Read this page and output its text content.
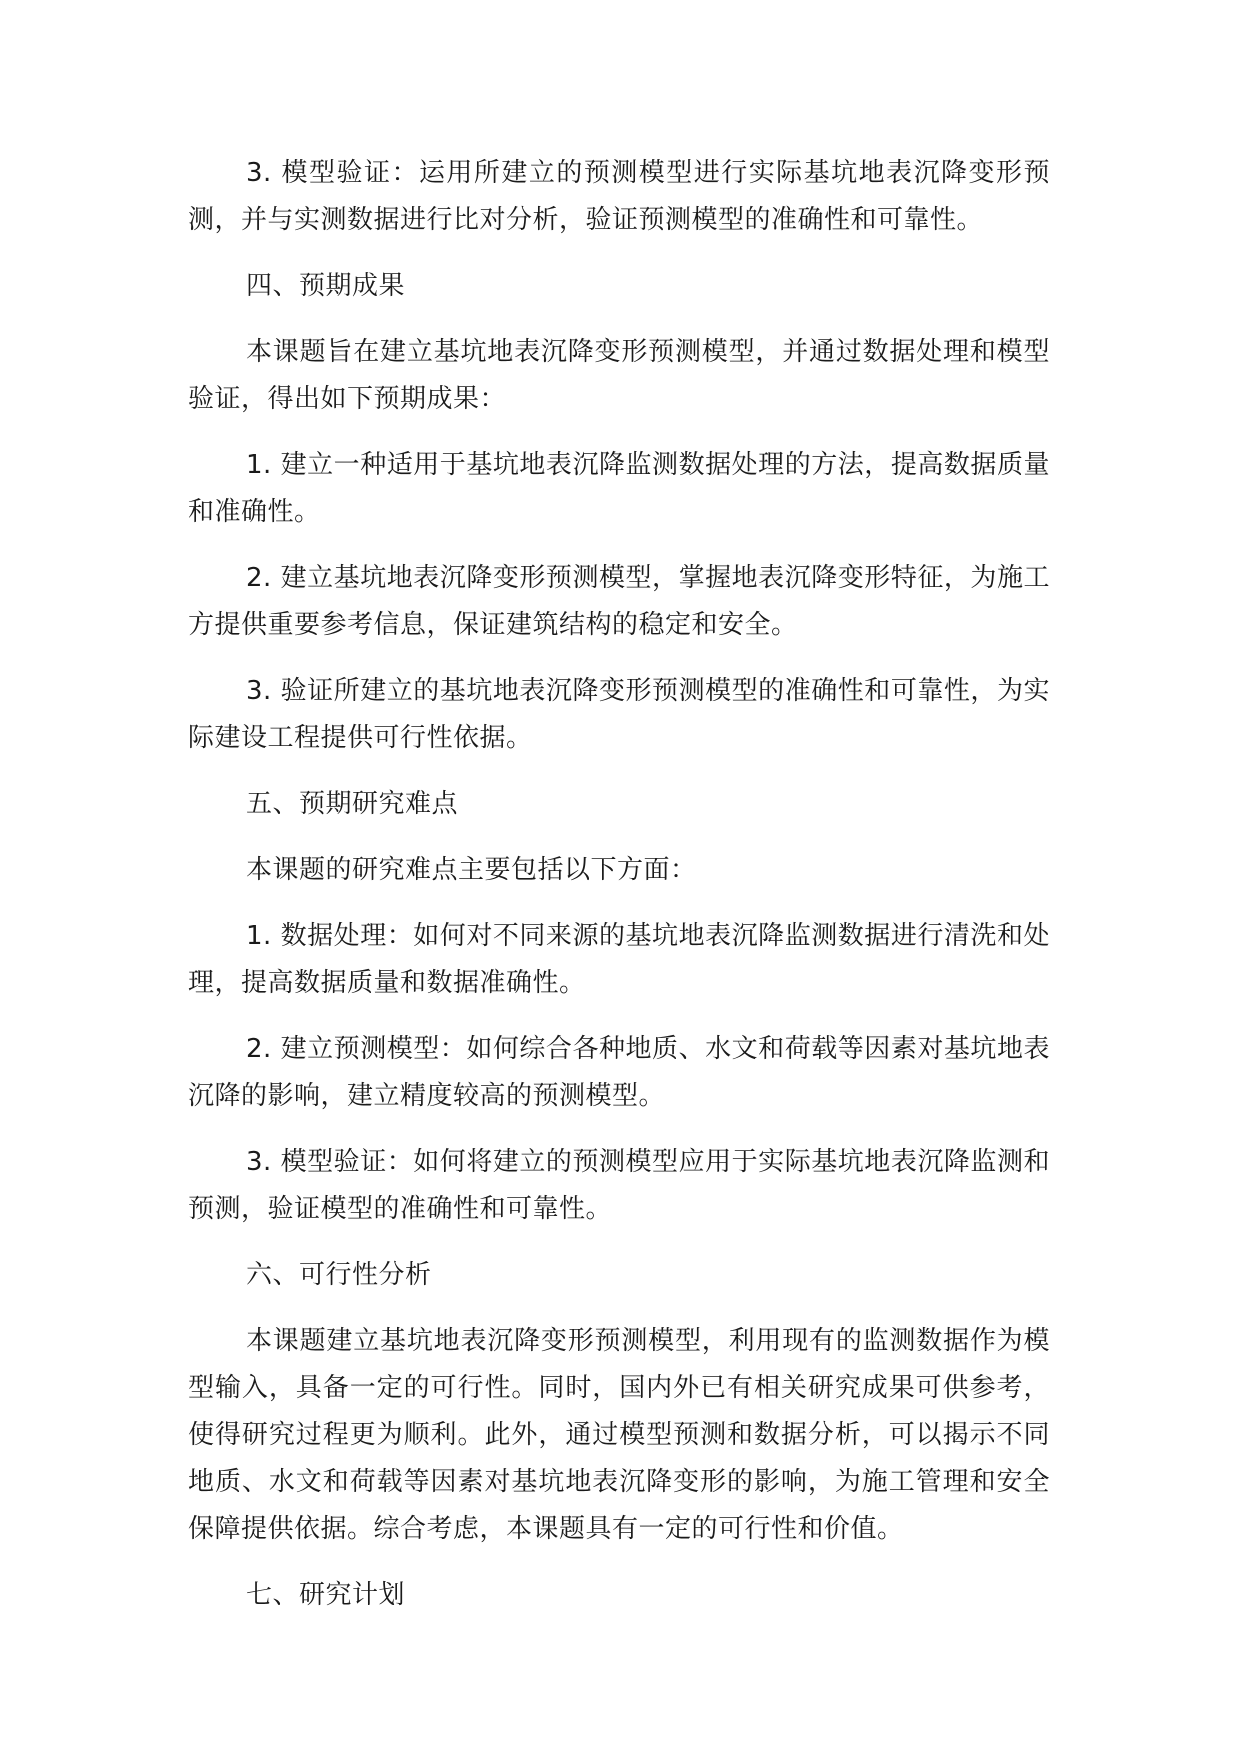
3. 模型验证：运用所建立的预测模型进行实际基坑地表沉降变形预测，并与实测数据进行比对分析，验证预测模型的准确性和可靠性。

四、预期成果

本课题旨在建立基坑地表沉降变形预测模型，并通过数据处理和模型验证，得出如下预期成果：

1. 建立一种适用于基坑地表沉降监测数据处理的方法，提高数据质量和准确性。

2. 建立基坑地表沉降变形预测模型，掌握地表沉降变形特征，为施工方提供重要参考信息，保证建筑结构的稳定和安全。

3. 验证所建立的基坑地表沉降变形预测模型的准确性和可靠性，为实际建设工程提供可行性依据。

五、预期研究难点

本课题的研究难点主要包括以下方面：

1. 数据处理：如何对不同来源的基坑地表沉降监测数据进行清洗和处理，提高数据质量和数据准确性。

2. 建立预测模型：如何综合各种地质、水文和荷载等因素对基坑地表沉降的影响，建立精度较高的预测模型。

3. 模型验证：如何将建立的预测模型应用于实际基坑地表沉降监测和预测，验证模型的准确性和可靠性。

六、可行性分析

本课题建立基坑地表沉降变形预测模型，利用现有的监测数据作为模型输入，具备一定的可行性。同时，国内外已有相关研究成果可供参考，使得研究过程更为顺利。此外，通过模型预测和数据分析，可以揭示不同地质、水文和荷载等因素对基坑地表沉降变形的影响，为施工管理和安全保障提供依据。综合考虑，本课题具有一定的可行性和价值。

七、研究计划
